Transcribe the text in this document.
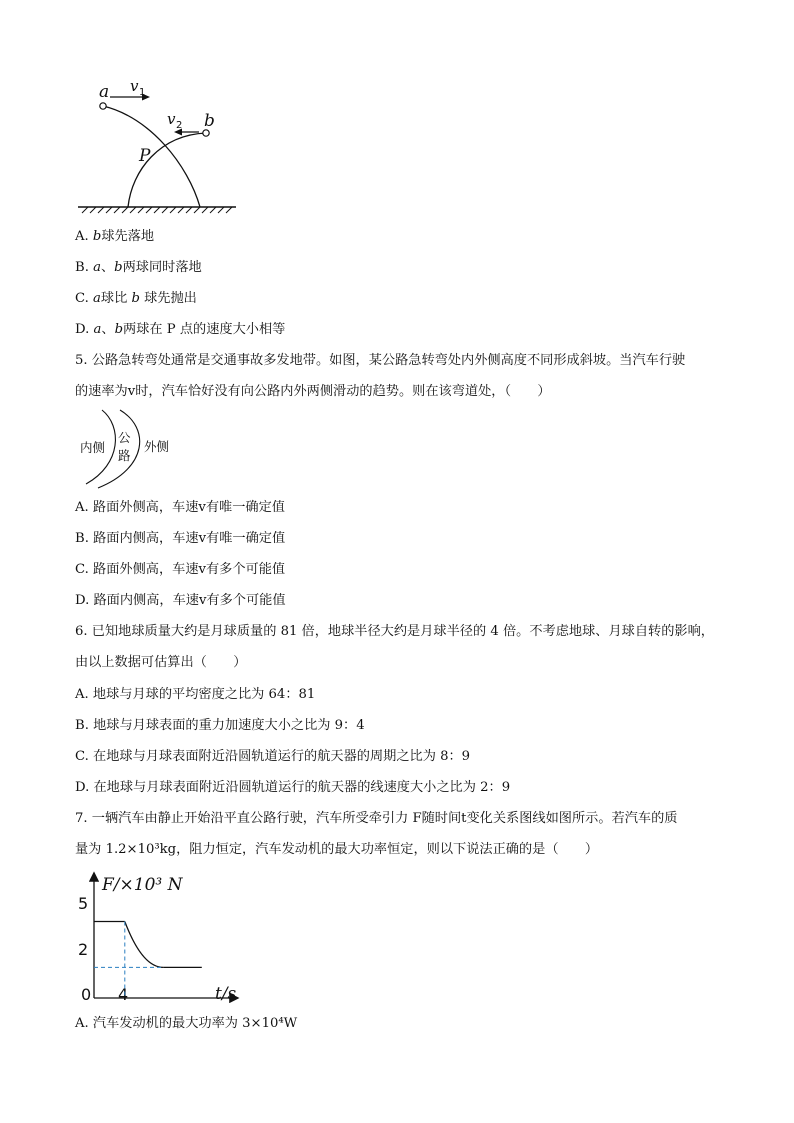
a v 1
v 2 b
P
A. b球先落地
B. a、b两球同时落地
C. a球比 b 球先抛出
D. a、b两球在 P 点的速度大小相等
5. 公路急转弯处通常是交通事故多发地带。如图，某公路急转弯处内外侧高度不同形成斜坡。当汽车行驶
的速率为v时，汽车恰好没有向公路内外两侧滑动的趋势。则在该弯道处，（　　）
内侧
公
路
外侧
A. 路面外侧高，车速v有唯一确定值
B. 路面内侧高，车速v有唯一确定值
C. 路面外侧高，车速v有多个可能值
D. 路面内侧高，车速v有多个可能值
6. 已知地球质量大约是月球质量的 81 倍，地球半径大约是月球半径的 4 倍。不考虑地球、月球自转的影响，
由以上数据可估算出（　　）
A. 地球与月球的平均密度之比为 64：81
B. 地球与月球表面的重力加速度大小之比为 9：4
C. 在地球与月球表面附近沿圆轨道运行的航天器的周期之比为 8：9
D. 在地球与月球表面附近沿圆轨道运行的航天器的线速度大小之比为 2：9
7. 一辆汽车由静止开始沿平直公路行驶，汽车所受牵引力 F随时间t变化关系图线如图所示。若汽车的质
量为 1.2×10³kg，阻力恒定，汽车发动机的最大功率恒定，则以下说法正确的是（　　）
F/×10³ N
t/s
5
2
0 4
A. 汽车发动机的最大功率为 3×10⁴W
